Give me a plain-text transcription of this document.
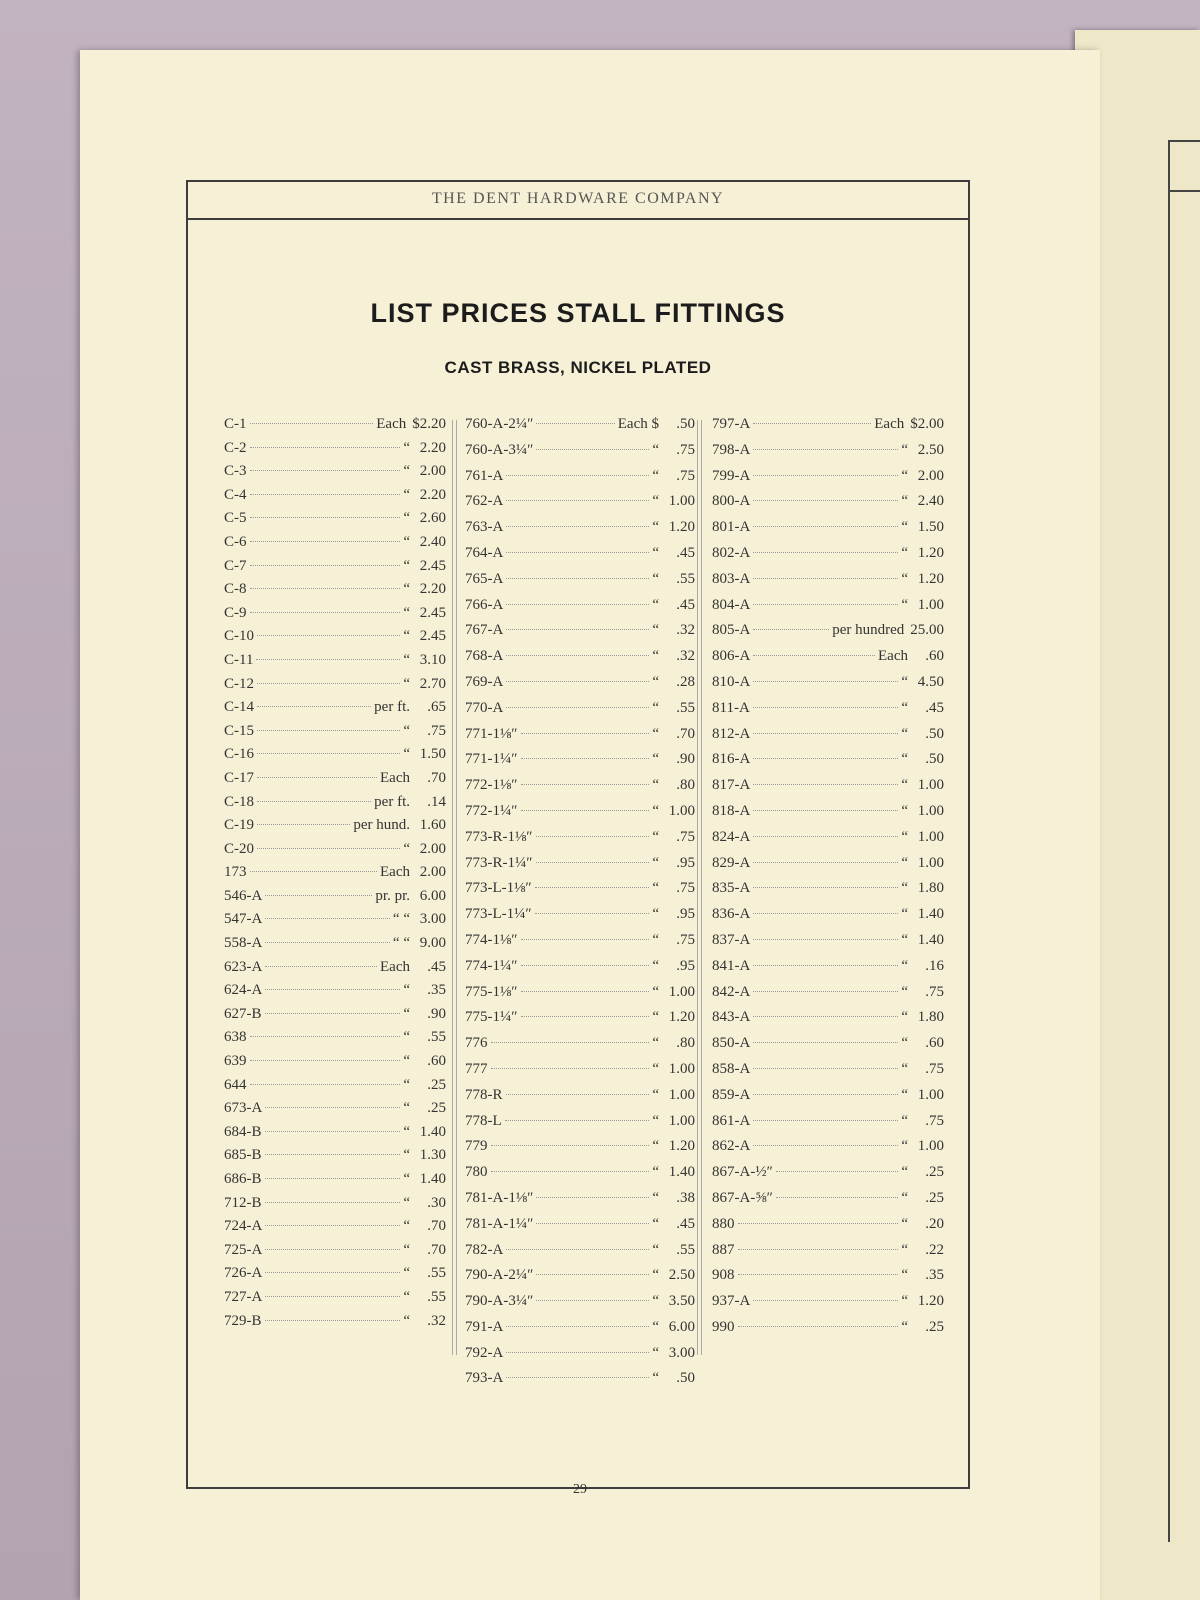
THE DENT HARDWARE COMPANY
LIST PRICES STALL FITTINGS
CAST BRASS, NICKEL PLATED
C-1	Each $2.20
C-2	“ 2.20
C-3	“ 2.00
C-4	“ 2.20
C-5	“ 2.60
C-6	“ 2.40
C-7	“ 2.45
C-8	“ 2.20
C-9	“ 2.45
C-10	“ 2.45
C-11	“ 3.10
C-12	“ 2.70
C-14	per ft.	.65
C-15	“	.75
C-16	“ 1.50
C-17	Each	.70
C-18	per ft.	.14
C-19	per hund. 1.60
C-20	“ 2.00
173	Each 2.00
546-A	pr. pr. 6.00
547-A	“ “ 3.00
558-A	“ “ 9.00
623-A	Each	.45
624-A	“	.35
627-B	“	.90
638	“	.55
639	“	.60
644	“	.25
673-A	“	.25
684-B	“ 1.40
685-B	“ 1.30
686-B	“ 1.40
712-B	“	.30
724-A	“	.70
725-A	“	.70
726-A	“	.55
727-A	“	.55
729-B	“	.32
760-A-2¼″	Each $	.50
760-A-3¼″	“	.75
761-A	“	.75
762-A	“ 1.00
763-A	“ 1.20
764-A	“	.45
765-A	“	.55
766-A	“	.45
767-A	“	.32
768-A	“	.32
769-A	“	.28
770-A	“	.55
771-1⅛″	“	.70
771-1¼″	“	.90
772-1⅛″	“	.80
772-1¼″	“ 1.00
773-R-1⅛″	“	.75
773-R-1¼″	“	.95
773-L-1⅛″	“	.75
773-L-1¼″	“	.95
774-1⅛″	“	.75
774-1¼″	“	.95
775-1⅛″	“ 1.00
775-1¼″	“ 1.20
776	“	.80
777	“ 1.00
778-R	“ 1.00
778-L	“ 1.00
779	“ 1.20
780	“ 1.40
781-A-1⅛″	“	.38
781-A-1¼″	“	.45
782-A	“	.55
790-A-2¼″	“ 2.50
790-A-3¼″	“ 3.50
791-A	“ 6.00
792-A	“ 3.00
793-A	“	.50
797-A	Each $2.00
798-A	“ 2.50
799-A	“ 2.00
800-A	“ 2.40
801-A	“ 1.50
802-A	“ 1.20
803-A	“ 1.20
804-A	“ 1.00
805-A	per hundred 25.00
806-A	Each	.60
810-A	“ 4.50
811-A	“	.45
812-A	“	.50
816-A	“	.50
817-A	“ 1.00
818-A	“ 1.00
824-A	“ 1.00
829-A	“ 1.00
835-A	“ 1.80
836-A	“ 1.40
837-A	“ 1.40
841-A	“	.16
842-A	“	.75
843-A	“ 1.80
850-A	“	.60
858-A	“	.75
859-A	“ 1.00
861-A	“	.75
862-A	“ 1.00
867-A-½″	“	.25
867-A-⅝″	“	.25
880	“	.20
887	“	.22
908	“	.35
937-A	“ 1.20
990	“	.25
29
